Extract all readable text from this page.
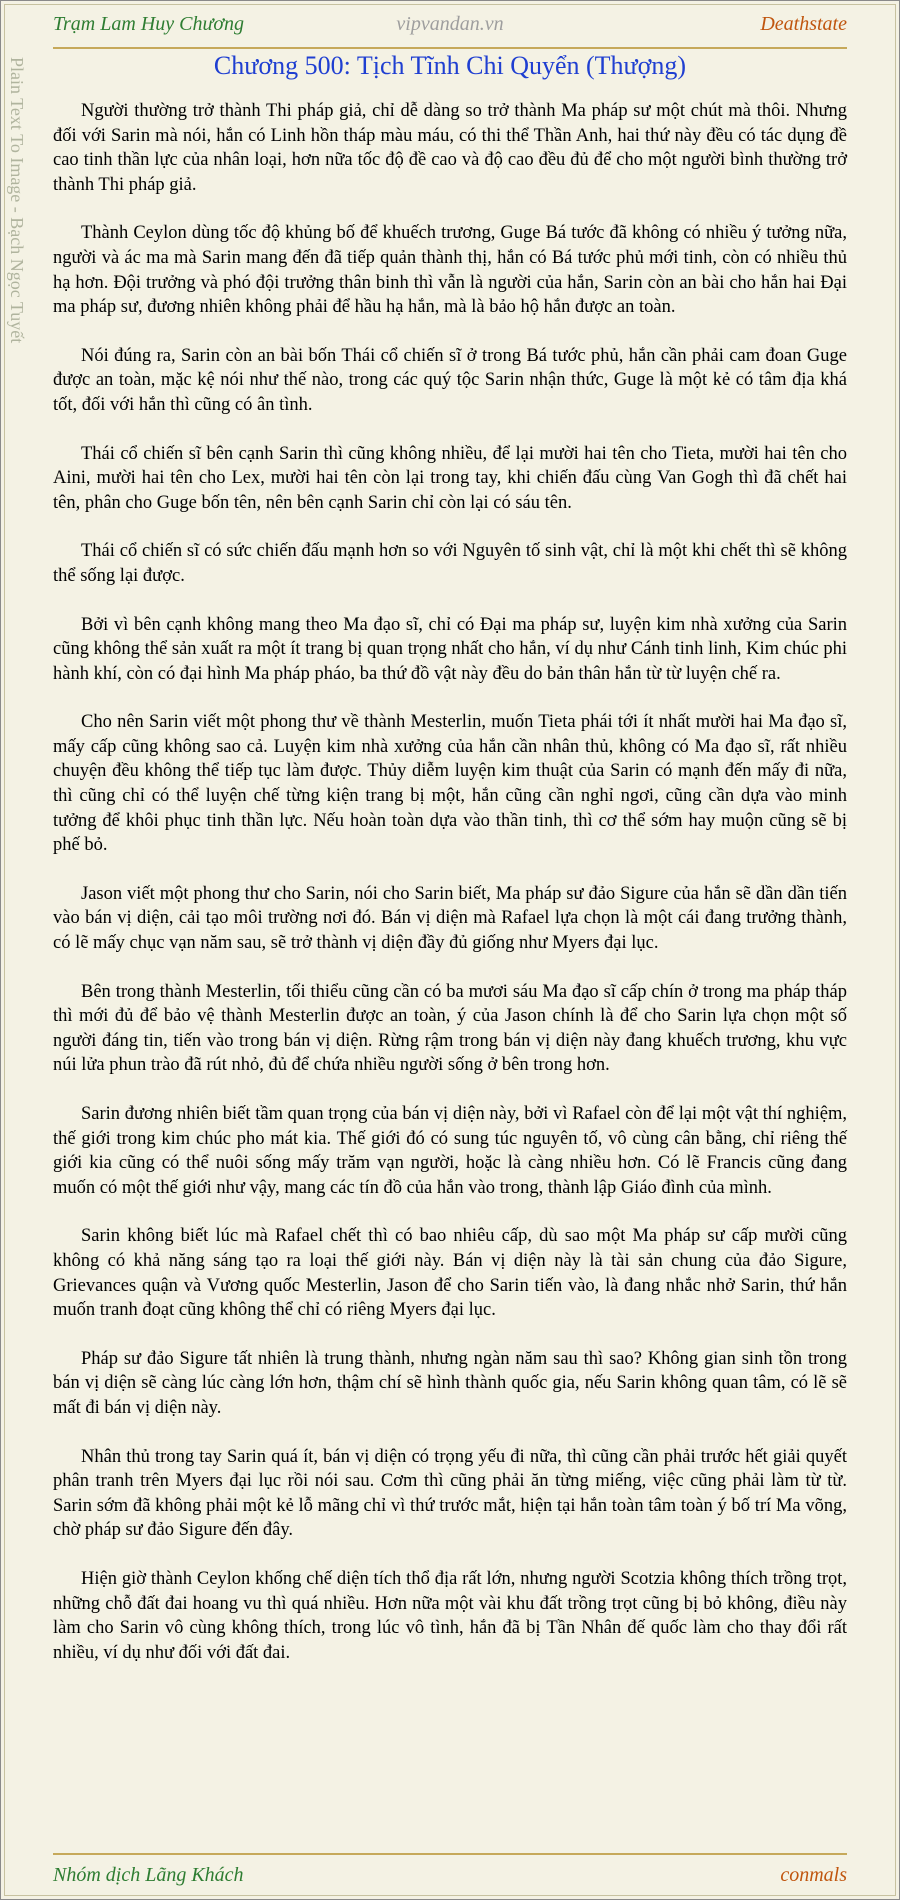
Trạm Lam Huy Chương	vipvandan.vn	Deathstate
Plain Text To Image - Bạch Ngọc Tuyết	Chương 500: Tịch Tĩnh Chi Quyển (Thượng)

Người thường trở thành Thi pháp giả, chỉ dễ dàng so trở thành Ma pháp sư một chút mà thôi. Nhưng đối với Sarin mà nói, hắn có Linh hồn tháp màu máu, có thi thể Thần Anh, hai thứ này đều có tác dụng đề cao tinh thần lực của nhân loại, hơn nữa tốc độ đề cao và độ cao đều đủ để cho một người bình thường trở thành Thi pháp giả.

Thành Ceylon dùng tốc độ khủng bố để khuếch trương, Guge Bá tước đã không có nhiều ý tưởng nữa, người và ác ma mà Sarin mang đến đã tiếp quản thành thị, hắn có Bá tước phủ mới tinh, còn có nhiều thủ hạ hơn. Đội trưởng và phó đội trưởng thân binh thì vẫn là người của hắn, Sarin còn an bài cho hắn hai Đại ma pháp sư, đương nhiên không phải để hầu hạ hắn, mà là bảo hộ hắn được an toàn.

Nói đúng ra, Sarin còn an bài bốn Thái cổ chiến sĩ ở trong Bá tước phủ, hắn cần phải cam đoan Guge được an toàn, mặc kệ nói như thế nào, trong các quý tộc Sarin nhận thức, Guge là một kẻ có tâm địa khá tốt, đối với hắn thì cũng có ân tình.

Thái cổ chiến sĩ bên cạnh Sarin thì cũng không nhiều, để lại mười hai tên cho Tieta, mười hai tên cho Aini, mười hai tên cho Lex, mười hai tên còn lại trong tay, khi chiến đấu cùng Van Gogh thì đã chết hai tên, phân cho Guge bốn tên, nên bên cạnh Sarin chỉ còn lại có sáu tên.

Thái cổ chiến sĩ có sức chiến đấu mạnh hơn so với Nguyên tố sinh vật, chỉ là một khi chết thì sẽ không thể sống lại được.

Bởi vì bên cạnh không mang theo Ma đạo sĩ, chỉ có Đại ma pháp sư, luyện kim nhà xưởng của Sarin cũng không thể sản xuất ra một ít trang bị quan trọng nhất cho hắn, ví dụ như Cánh tinh linh, Kim chúc phi hành khí, còn có đại hình Ma pháp pháo, ba thứ đồ vật này đều do bản thân hắn từ từ luyện chế ra.

Cho nên Sarin viết một phong thư về thành Mesterlin, muốn Tieta phái tới ít nhất mười hai Ma đạo sĩ, mấy cấp cũng không sao cả. Luyện kim nhà xưởng của hắn cần nhân thủ, không có Ma đạo sĩ, rất nhiều chuyện đều không thể tiếp tục làm được. Thủy diễm luyện kim thuật của Sarin có mạnh đến mấy đi nữa, thì cũng chỉ có thể luyện chế từng kiện trang bị một, hắn cũng cần nghỉ ngơi, cũng cần dựa vào minh tưởng để khôi phục tinh thần lực. Nếu hoàn toàn dựa vào thần tinh, thì cơ thể sớm hay muộn cũng sẽ bị phế bỏ.

Jason viết một phong thư cho Sarin, nói cho Sarin biết, Ma pháp sư đảo Sigure của hắn sẽ dần dần tiến vào bán vị diện, cải tạo môi trường nơi đó. Bán vị diện mà Rafael lựa chọn là một cái đang trưởng thành, có lẽ mấy chục vạn năm sau, sẽ trở thành vị diện đầy đủ giống như Myers đại lục.

Bên trong thành Mesterlin, tối thiểu cũng cần có ba mươi sáu Ma đạo sĩ cấp chín ở trong ma pháp tháp thì mới đủ để bảo vệ thành Mesterlin được an toàn, ý của Jason chính là để cho Sarin lựa chọn một số người đáng tin, tiến vào trong bán vị diện. Rừng rậm trong bán vị diện này đang khuếch trương, khu vực núi lửa phun trào đã rút nhỏ, đủ để chứa nhiều người sống ở bên trong hơn.

Sarin đương nhiên biết tầm quan trọng của bán vị diện này, bởi vì Rafael còn để lại một vật thí nghiệm, thế giới trong kim chúc pho mát kia. Thế giới đó có sung túc nguyên tố, vô cùng cân bằng, chỉ riêng thế giới kia cũng có thể nuôi sống mấy trăm vạn người, hoặc là càng nhiều hơn. Có lẽ Francis cũng đang muốn có một thế giới như vậy, mang các tín đồ của hắn vào trong, thành lập Giáo đình của mình.

Sarin không biết lúc mà Rafael chết thì có bao nhiêu cấp, dù sao một Ma pháp sư cấp mười cũng không có khả năng sáng tạo ra loại thế giới này. Bán vị diện này là tài sản chung của đảo Sigure, Grievances quận và Vương quốc Mesterlin, Jason để cho Sarin tiến vào, là đang nhắc nhở Sarin, thứ hắn muốn tranh đoạt cũng không thể chỉ có riêng Myers đại lục.

Pháp sư đảo Sigure tất nhiên là trung thành, nhưng ngàn năm sau thì sao? Không gian sinh tồn trong bán vị diện sẽ càng lúc càng lớn hơn, thậm chí sẽ hình thành quốc gia, nếu Sarin không quan tâm, có lẽ sẽ mất đi bán vị diện này.

Nhân thủ trong tay Sarin quá ít, bán vị diện có trọng yếu đi nữa, thì cũng cần phải trước hết giải quyết phân tranh trên Myers đại lục rồi nói sau. Cơm thì cũng phải ăn từng miếng, việc cũng phải làm từ từ. Sarin sớm đã không phải một kẻ lỗ mãng chỉ vì thứ trước mắt, hiện tại hắn toàn tâm toàn ý bố trí Ma võng, chờ pháp sư đảo Sigure đến đây.

Hiện giờ thành Ceylon khống chế diện tích thổ địa rất lớn, nhưng người Scotzia không thích trồng trọt, những chỗ đất đai hoang vu thì quá nhiều. Hơn nữa một vài khu đất trồng trọt cũng bị bỏ không, điều này làm cho Sarin vô cùng không thích, trong lúc vô tình, hắn đã bị Tần Nhân đế quốc làm cho thay đổi rất nhiều, ví dụ như đối với đất đai.

Nhóm dịch Lãng Khách	conmals
